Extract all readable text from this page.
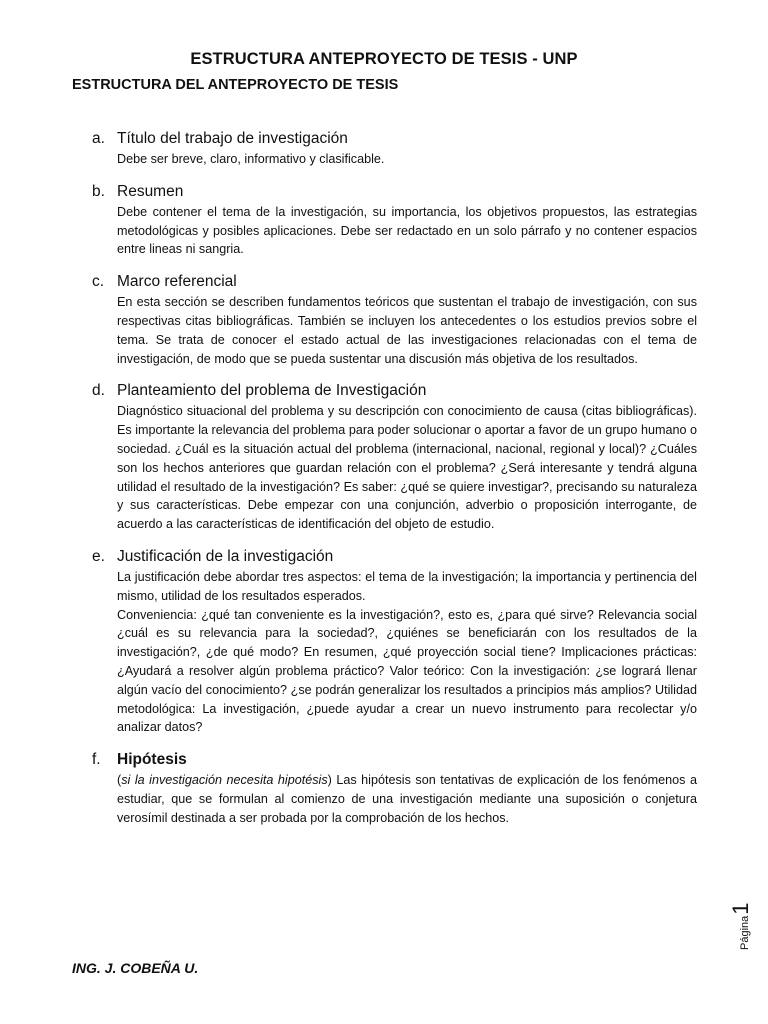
ESTRUCTURA ANTEPROYECTO DE TESIS - UNP
ESTRUCTURA DEL ANTEPROYECTO DE TESIS
a. Título del trabajo de investigación

Debe ser breve, claro, informativo y clasificable.

b. Resumen

Debe contener el tema de la investigación, su importancia, los objetivos propuestos, las estrategias metodológicas y posibles aplicaciones. Debe ser redactado en un solo párrafo y no contener espacios entre lineas ni sangria.

c. Marco referencial

En esta sección se describen fundamentos teóricos que sustentan el trabajo de investigación, con sus respectivas citas bibliográficas. También se incluyen los antecedentes o los estudios previos sobre el tema. Se trata de conocer el estado actual de las investigaciones relacionadas con el tema de investigación, de modo que se pueda sustentar una discusión más objetiva de los resultados.

d. Planteamiento del problema de Investigación

Diagnóstico situacional del problema y su descripción con conocimiento de causa (citas bibliográficas). Es importante la relevancia del problema para poder solucionar o aportar a favor de un grupo humano o sociedad. ¿Cuál es la situación actual del problema (internacional, nacional, regional y local)? ¿Cuáles son los hechos anteriores que guardan relación con el problema? ¿Será interesante y tendrá alguna utilidad el resultado de la investigación? Es saber: ¿qué se quiere investigar?, precisando su naturaleza y sus características. Debe empezar con una conjunción, adverbio o proposición interrogante, de acuerdo a las características de identificación del objeto de estudio.

e. Justificación de la investigación

La justificación debe abordar tres aspectos: el tema de la investigación; la importancia y pertinencia del mismo, utilidad de los resultados esperados.

Conveniencia: ¿qué tan conveniente es la investigación?, esto es, ¿para qué sirve? Relevancia social ¿cuál es su relevancia para la sociedad?, ¿quiénes se beneficiarán con los resultados de la investigación?, ¿de qué modo? En resumen, ¿qué proyección social tiene? Implicaciones prácticas: ¿Ayudará a resolver algún problema práctico? Valor teórico: Con la investigación: ¿se logrará llenar algún vacío del conocimiento? ¿se podrán generalizar los resultados a principios más amplios? Utilidad metodológica: La investigación, ¿puede ayudar a crear un nuevo instrumento para recolectar y/o analizar datos?

f.	Hipótesis

(si la investigación necesita hipotésis) Las hipótesis son tentativas de explicación de los fenómenos a estudiar, que se formulan al comienzo de una investigación mediante una suposición o conjetura verosímil destinada a ser probada por la comprobación de los hechos.

ING. J. COBEÑA U.
Página
1
